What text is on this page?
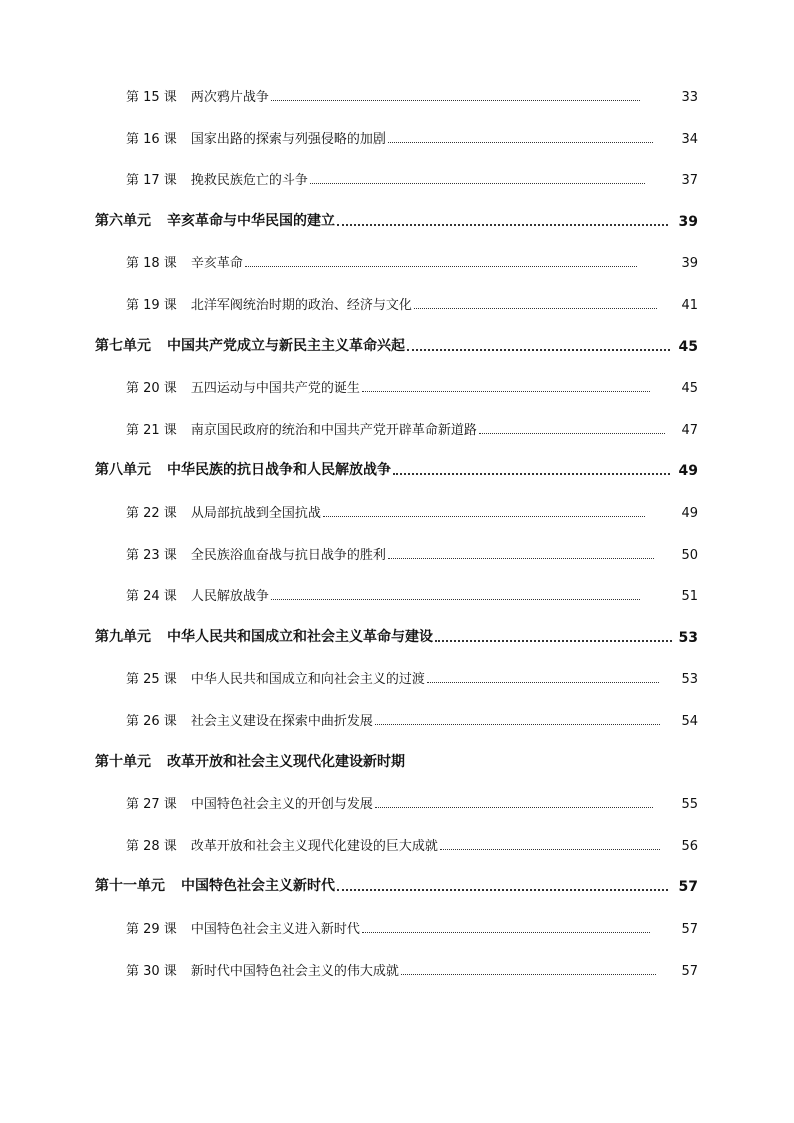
第 15 课 两次鸦片战争	33
第 16 课 国家出路的探索与列强侵略的加剧	34
第 17 课 挽救民族危亡的斗争	37
第六单元 辛亥革命与中华民国的建立	39
第 18 课 辛亥革命	39
第 19 课 北洋军阀统治时期的政治、经济与文化	41
第七单元 中国共产党成立与新民主主义革命兴起	45
第 20 课 五四运动与中国共产党的诞生	45
第 21 课 南京国民政府的统治和中国共产党开辟革命新道路	47
第八单元 中华民族的抗日战争和人民解放战争	49
第 22 课 从局部抗战到全国抗战	49
第 23 课 全民族浴血奋战与抗日战争的胜利	50
第 24 课 人民解放战争	51
第九单元 中华人民共和国成立和社会主义革命与建设	53
第 25 课 中华人民共和国成立和向社会主义的过渡	53
第 26 课 社会主义建设在探索中曲折发展	54
第十单元 改革开放和社会主义现代化建设新时期
第 27 课 中国特色社会主义的开创与发展	55
第 28 课 改革开放和社会主义现代化建设的巨大成就	56
第十一单元 中国特色社会主义新时代	57
第 29 课 中国特色社会主义进入新时代	57
第 30 课 新时代中国特色社会主义的伟大成就	57
